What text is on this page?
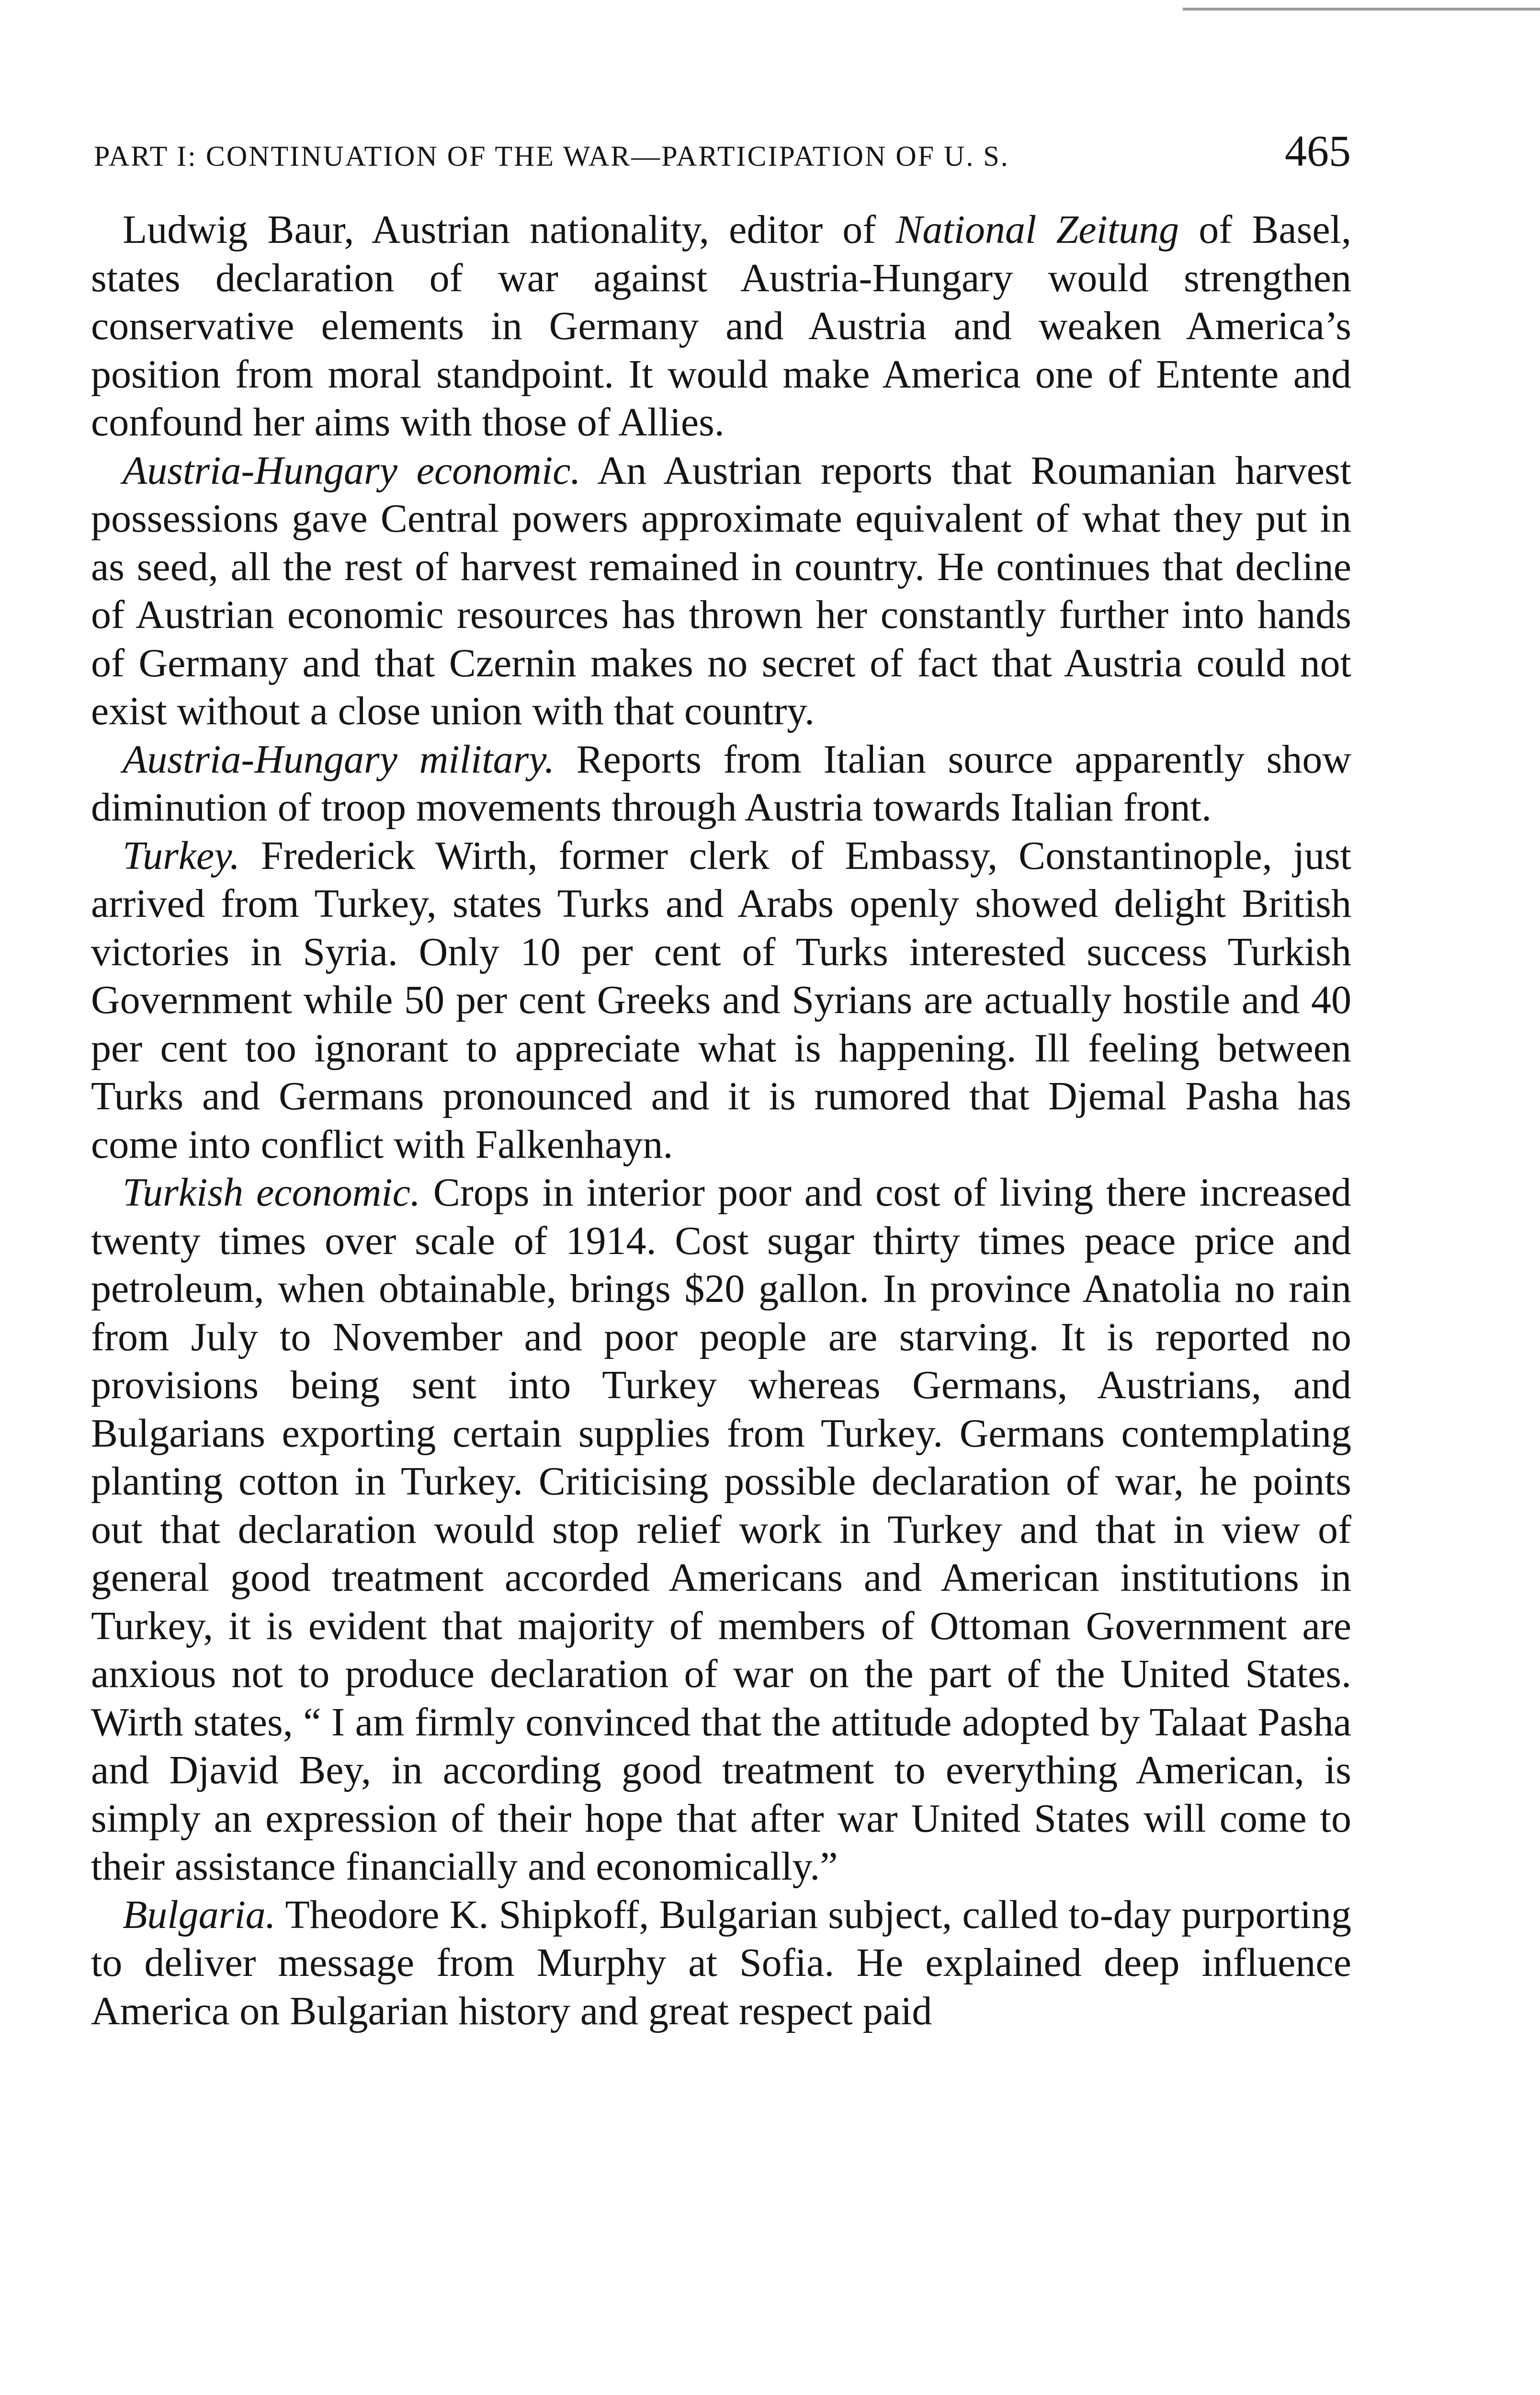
PART I: CONTINUATION OF THE WAR—PARTICIPATION OF U. S.	465

Ludwig Baur, Austrian nationality, editor of National Zeitung of Basel, states declaration of war against Austria-Hungary would strengthen conservative elements in Germany and Austria and weaken America’s position from moral standpoint. It would make America one of Entente and confound her aims with those of Allies.

Austria-Hungary economic. An Austrian reports that Roumanian harvest possessions gave Central powers approximate equivalent of what they put in as seed, all the rest of harvest remained in country. He continues that decline of Austrian economic resources has thrown her constantly further into hands of Germany and that Czernin makes no secret of fact that Austria could not exist without a close union with that country.

Austria-Hungary military. Reports from Italian source apparently show diminution of troop movements through Austria towards Italian front.

Turkey. Frederick Wirth, former clerk of Embassy, Constantinople, just arrived from Turkey, states Turks and Arabs openly showed delight British victories in Syria. Only 10 per cent of Turks interested success Turkish Government while 50 per cent Greeks and Syrians are actually hostile and 40 per cent too ignorant to appreciate what is happening. Ill feeling between Turks and Germans pronounced and it is rumored that Djemal Pasha has come into conflict with Falkenhayn.

Turkish economic. Crops in interior poor and cost of living there increased twenty times over scale of 1914. Cost sugar thirty times peace price and petroleum, when obtainable, brings $20 gallon. In province Anatolia no rain from July to November and poor people are starving. It is reported no provisions being sent into Turkey whereas Germans, Austrians, and Bulgarians exporting certain supplies from Turkey. Germans contemplating planting cotton in Turkey. Criticising possible declaration of war, he points out that declaration would stop relief work in Turkey and that in view of general good treatment accorded Americans and American institutions in Turkey, it is evident that majority of members of Ottoman Government are anxious not to produce declaration of war on the part of the United States. Wirth states, “ I am firmly convinced that the attitude adopted by Talaat Pasha and Djavid Bey, in according good treatment to everything American, is simply an expression of their hope that after war United States will come to their assistance financially and economically.”

Bulgaria. Theodore K. Shipkoff, Bulgarian subject, called to-day purporting to deliver message from Murphy at Sofia. He explained deep influence America on Bulgarian history and great respect paid
